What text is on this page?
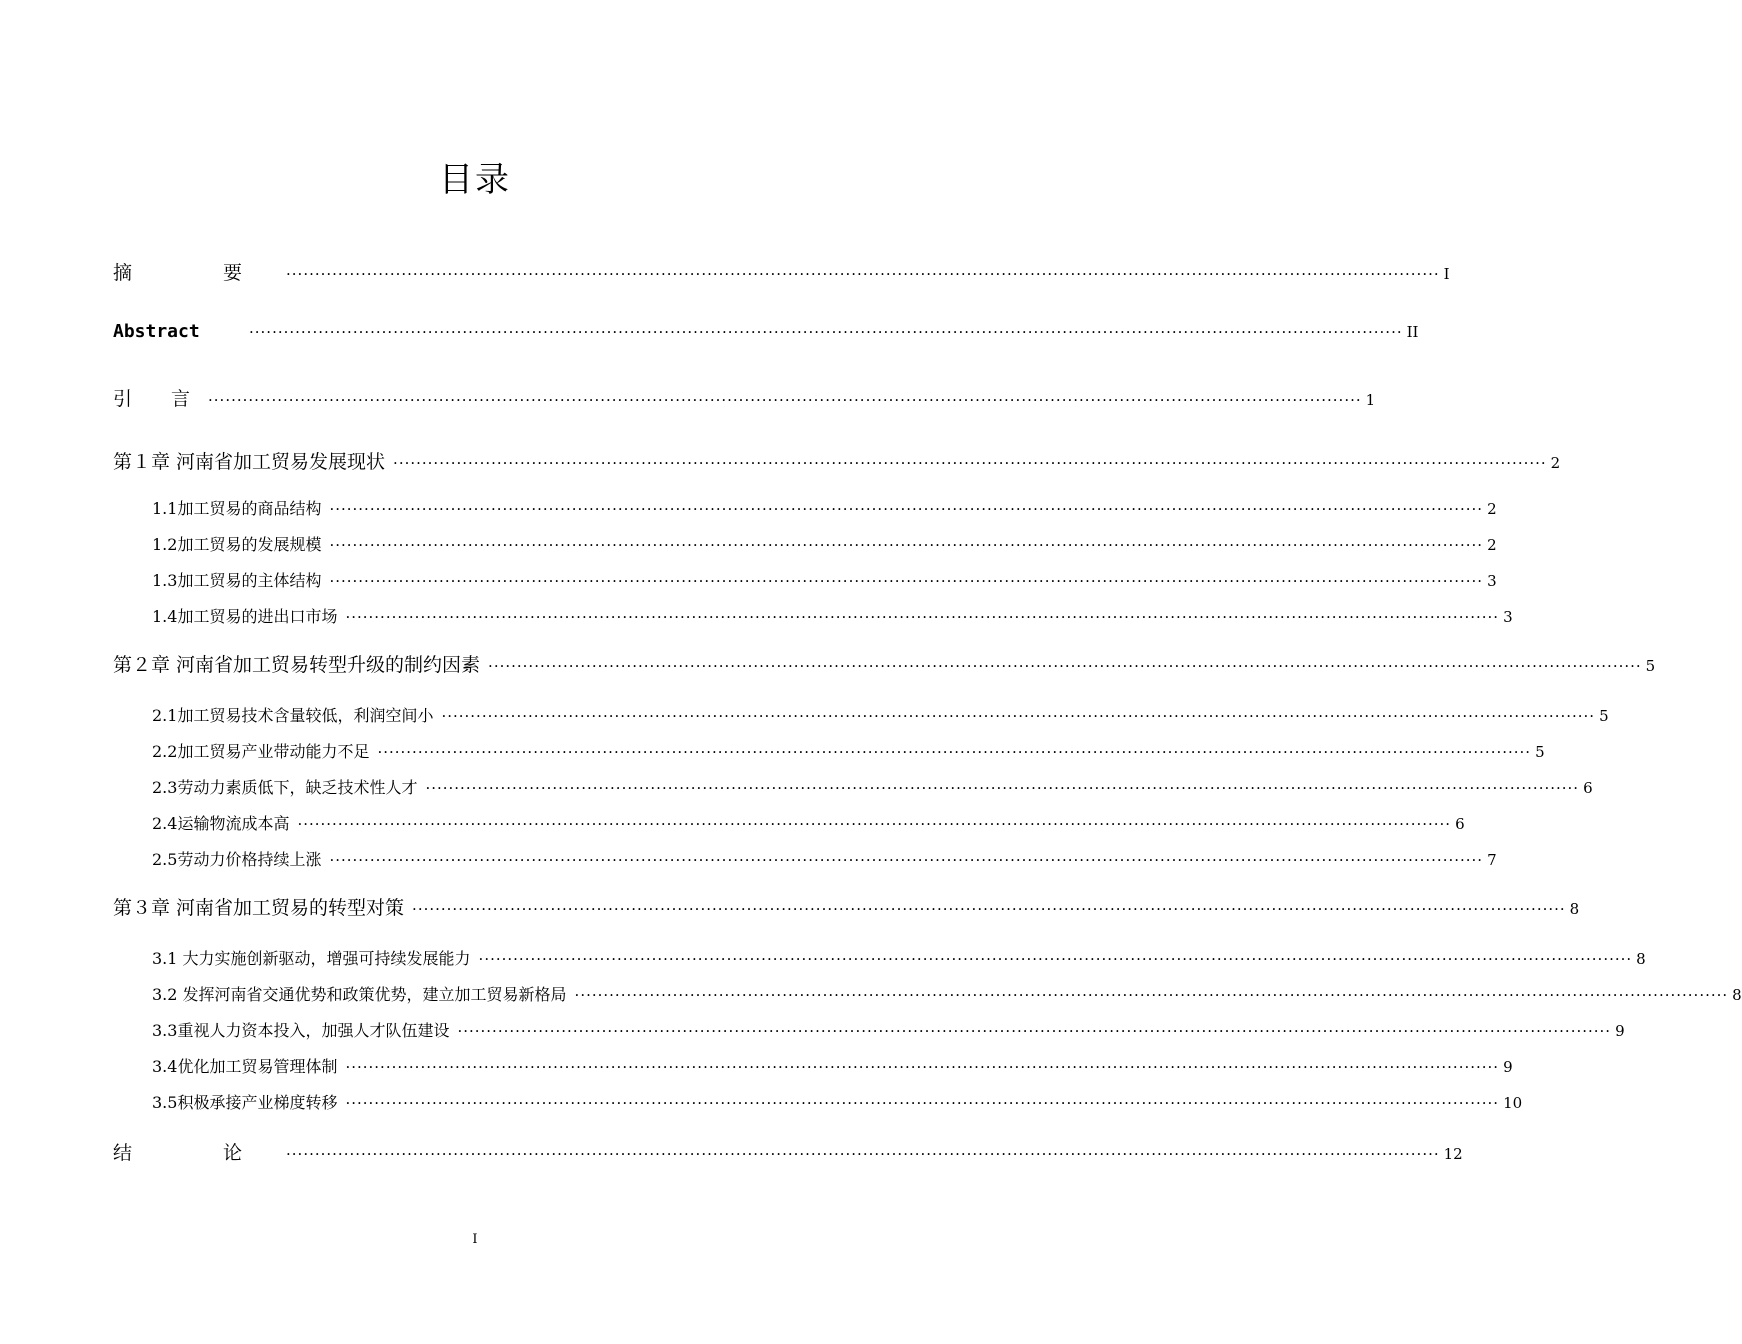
目录
摘　要 ········································································································································································································ I
Abstract	········································································································································································································ II
引　言 ········································································································································································································ 1
第１章 河南省加工贸易发展现状 ········································································································································································································ 2
1.1加工贸易的商品结构 ········································································································································································································ 2
1.2加工贸易的发展规模 ········································································································································································································ 2
1.3加工贸易的主体结构 ········································································································································································································ 3
1.4加工贸易的进出口市场 ········································································································································································································ 3
第２章 河南省加工贸易转型升级的制约因素 ········································································································································································································ 5
2.1加工贸易技术含量较低，利润空间小 ········································································································································································································ 5
2.2加工贸易产业带动能力不足 ········································································································································································································ 5
2.3劳动力素质低下，缺乏技术性人才 ········································································································································································································ 6
2.4运输物流成本高 ········································································································································································································ 6
2.5劳动力价格持续上涨 ········································································································································································································ 7
第３章 河南省加工贸易的转型对策 ········································································································································································································ 8
3.1 大力实施创新驱动，增强可持续发展能力 ········································································································································································································ 8
3.2 发挥河南省交通优势和政策优势，建立加工贸易新格局 ········································································································································································································ 8
3.3重视人力资本投入，加强人才队伍建设 ········································································································································································································ 9
3.4优化加工贸易管理体制 ········································································································································································································ 9
3.5积极承接产业梯度转移 ········································································································································································································ 10
结　论 ········································································································································································································ 12
I
